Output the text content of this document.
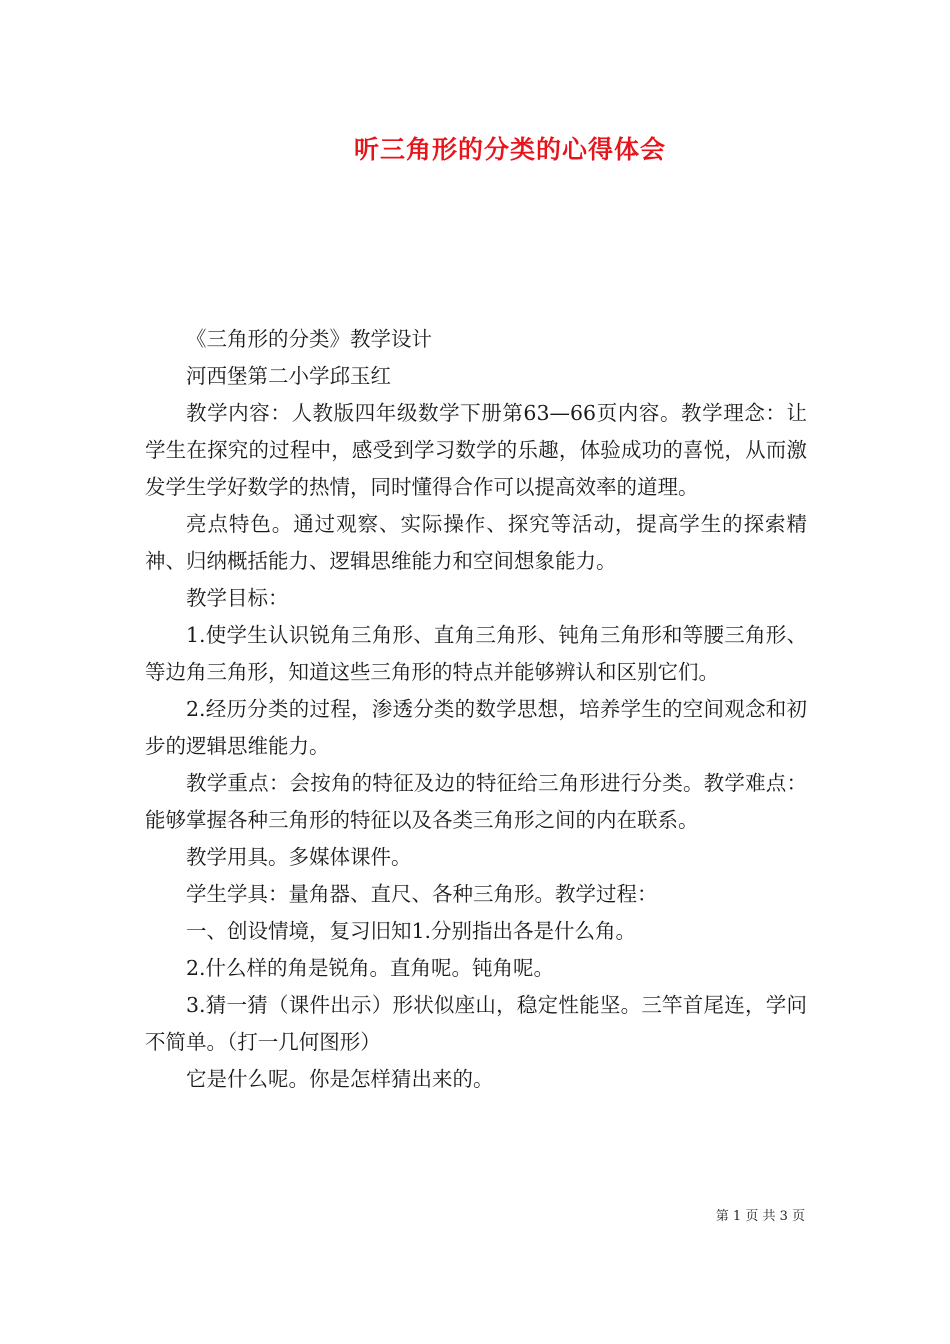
听三角形的分类的心得体会

《三角形的分类》教学设计

河西堡第二小学邱玉红

教学内容：人教版四年级数学下册第63—66页内容。教学理念：让学生在探究的过程中，感受到学习数学的乐趣，体验成功的喜悦，从而激发学生学好数学的热情，同时懂得合作可以提高效率的道理。

亮点特色。通过观察、实际操作、探究等活动，提高学生的探索精神、归纳概括能力、逻辑思维能力和空间想象能力。

教学目标：

1.使学生认识锐角三角形、直角三角形、钝角三角形和等腰三角形、等边角三角形，知道这些三角形的特点并能够辨认和区别它们。

2.经历分类的过程，渗透分类的数学思想，培养学生的空间观念和初步的逻辑思维能力。

教学重点：会按角的特征及边的特征给三角形进行分类。教学难点：能够掌握各种三角形的特征以及各类三角形之间的内在联系。

教学用具。多媒体课件。

学生学具：量角器、直尺、各种三角形。教学过程：

一、创设情境，复习旧知1.分别指出各是什么角。

2.什么样的角是锐角。直角呢。钝角呢。

3.猜一猜（课件出示）形状似座山，稳定性能坚。三竿首尾连，学问不简单。（打一几何图形）

它是什么呢。你是怎样猜出来的。

第 1 页 共 3 页
